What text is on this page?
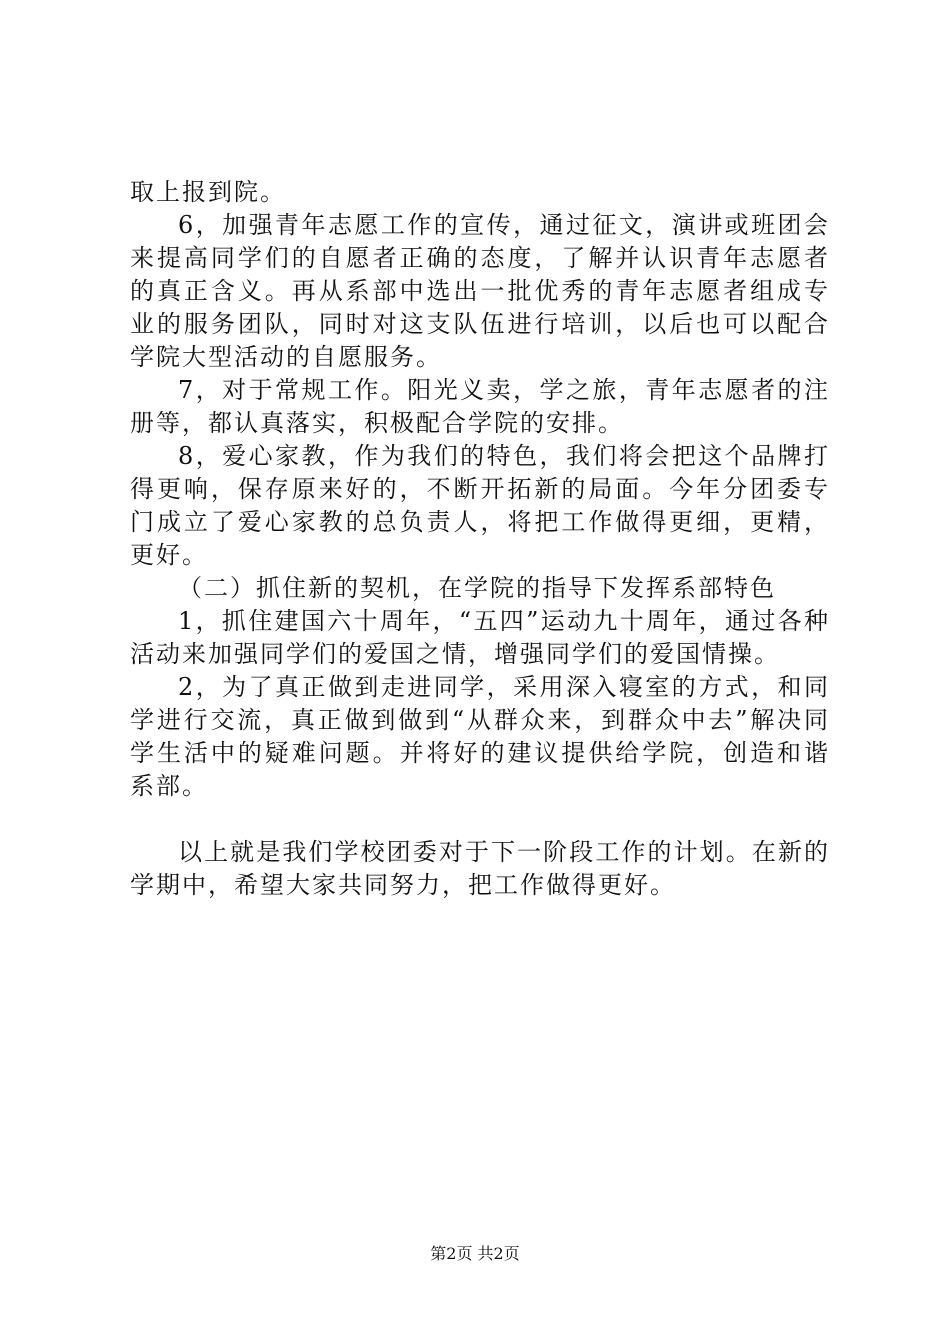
取上报到院。

6，加强青年志愿工作的宣传，通过征文，演讲或班团会来提高同学们的自愿者正确的态度，了解并认识青年志愿者的真正含义。再从系部中选出一批优秀的青年志愿者组成专业的服务团队，同时对这支队伍进行培训，以后也可以配合学院大型活动的自愿服务。

7，对于常规工作。阳光义卖，学之旅，青年志愿者的注册等，都认真落实，积极配合学院的安排。

8，爱心家教，作为我们的特色，我们将会把这个品牌打得更响，保存原来好的，不断开拓新的局面。今年分团委专门成立了爱心家教的总负责人，将把工作做得更细，更精，更好。

（二）抓住新的契机，在学院的指导下发挥系部特色

1，抓住建国六十周年，“五四”运动九十周年，通过各种活动来加强同学们的爱国之情，增强同学们的爱国情操。

2，为了真正做到走进同学，采用深入寝室的方式，和同学进行交流，真正做到做到“从群众来，到群众中去”解决同学生活中的疑难问题。并将好的建议提供给学院，创造和谐系部。

以上就是我们学校团委对于下一阶段工作的计划。在新的学期中，希望大家共同努力，把工作做得更好。

第2页 共2页
